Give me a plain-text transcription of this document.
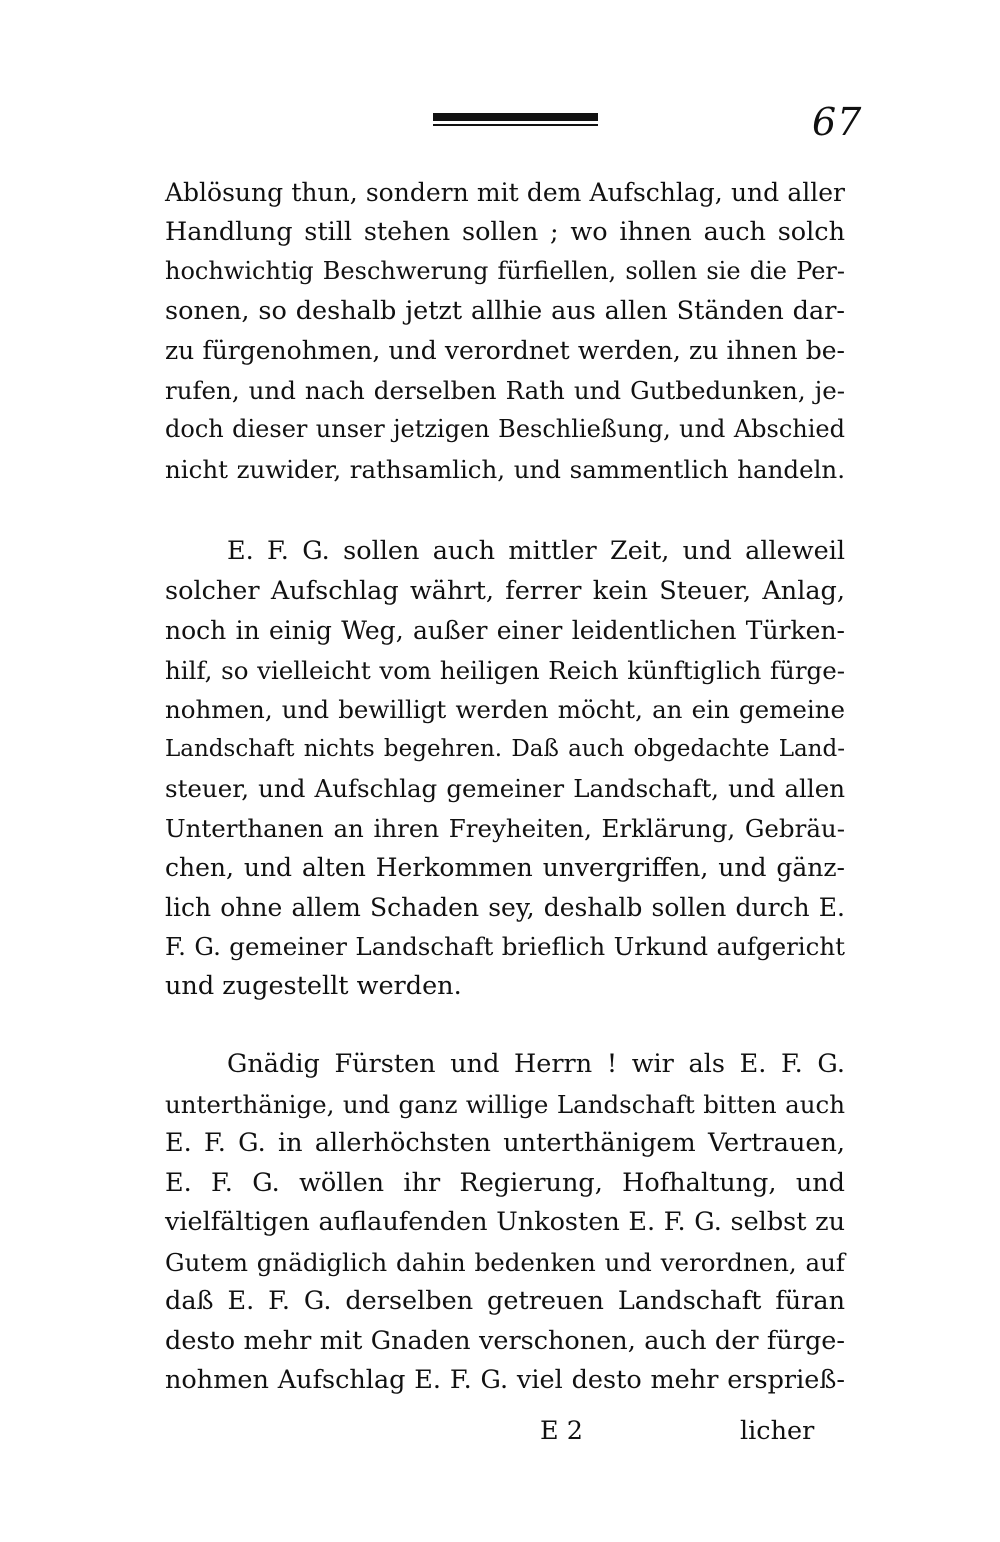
67
Ablösung thun, sondern mit dem Aufschlag, und aller
Handlung still stehen sollen ; wo ihnen auch solch
hochwichtig Beschwerung fürfiellen, sollen sie die Per-
sonen, so deshalb jetzt allhie aus allen Ständen dar-
zu fürgenohmen, und verordnet werden, zu ihnen be-
rufen, und nach derselben Rath und Gutbedunken, je-
doch dieser unser jetzigen Beschließung, und Abschied
nicht zuwider, rathsamlich, und sammentlich handeln.
E. F. G. sollen auch mittler Zeit, und alleweil
solcher Aufschlag währt, ferrer kein Steuer, Anlag,
noch in einig Weg, außer einer leidentlichen Türken-
hilf, so vielleicht vom heiligen Reich künftiglich fürge-
nohmen, und bewilligt werden möcht, an ein gemeine
Landschaft nichts begehren. Daß auch obgedachte Land-
steuer, und Aufschlag gemeiner Landschaft, und allen
Unterthanen an ihren Freyheiten, Erklärung, Gebräu-
chen, und alten Herkommen unvergriffen, und gänz-
lich ohne allem Schaden sey, deshalb sollen durch E.
F. G. gemeiner Landschaft brieflich Urkund aufgericht
und zugestellt werden.
Gnädig Fürsten und Herrn ! wir als E. F. G.
unterthänige, und ganz willige Landschaft bitten auch
E. F. G. in allerhöchsten unterthänigem Vertrauen,
E. F. G. wöllen ihr Regierung, Hofhaltung, und
vielfältigen auflaufenden Unkosten E. F. G. selbst zu
Gutem gnädiglich dahin bedenken und verordnen, auf
daß E. F. G. derselben getreuen Landschaft füran
desto mehr mit Gnaden verschonen, auch der fürge-
nohmen Aufschlag E. F. G. viel desto mehr ersprieß-
E 2	licher
